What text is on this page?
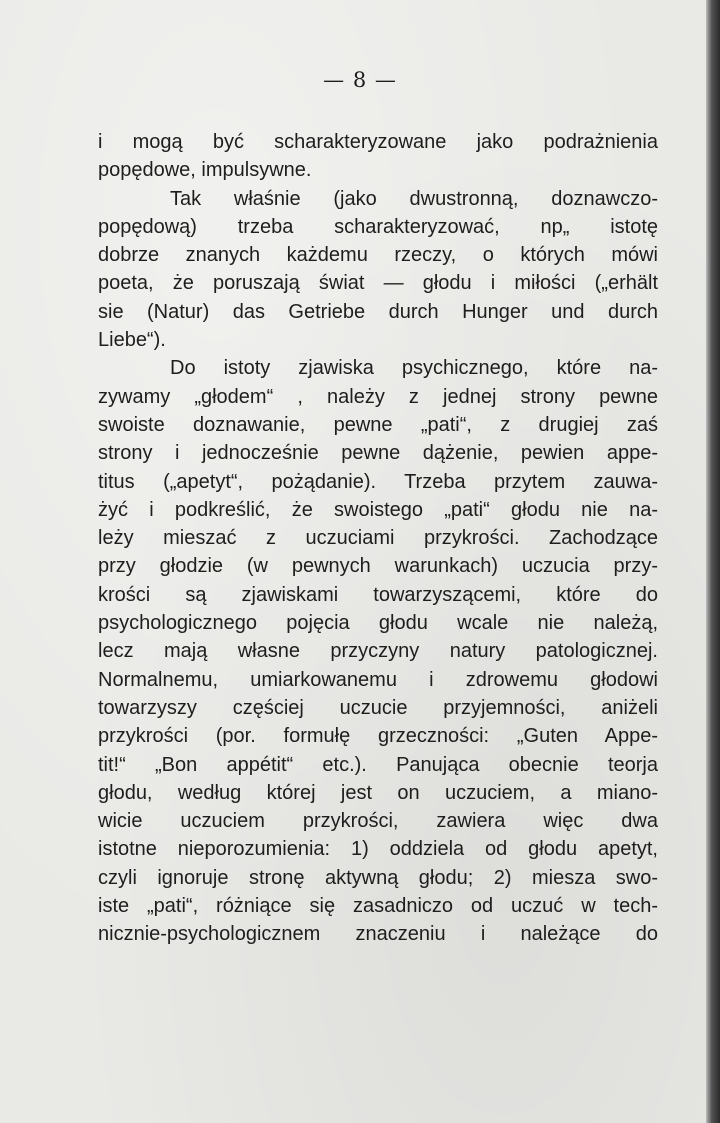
— 8 —
i mogą być scharakteryzowane jako podrażnienia
popędowe, impulsywne.
Tak właśnie (jako dwustronną, doznawczo-
popędową) trzeba scharakteryzować, np„ istotę
dobrze znanych każdemu rzeczy, o których mówi
poeta, że poruszają świat — głodu i miłości („erhält
sie (Natur) das Getriebe durch Hunger und durch
Liebe“).
Do istoty zjawiska psychicznego, które na-
zywamy „głodem“ , należy z jednej strony pewne
swoiste doznawanie, pewne „pati“, z drugiej zaś
strony i jednocześnie pewne dążenie, pewien appe-
titus („apetyt“, pożądanie). Trzeba przytem zauwa-
żyć i podkreślić, że swoistego „pati“ głodu nie na-
leży mieszać z uczuciami przykrości. Zachodzące
przy głodzie (w pewnych warunkach) uczucia przy-
krości są zjawiskami towarzyszącemi, które do
psychologicznego pojęcia głodu wcale nie należą,
lecz mają własne przyczyny natury patologicznej.
Normalnemu, umiarkowanemu i zdrowemu głodowi
towarzyszy częściej uczucie przyjemności, aniżeli
przykrości (por. formułę grzeczności: „Guten Appe-
tit!“ „Bon appétit“ etc.). Panująca obecnie teorja
głodu, według której jest on uczuciem, a miano-
wicie uczuciem przykrości, zawiera więc dwa
istotne nieporozumienia: 1) oddziela od głodu apetyt,
czyli ignoruje stronę aktywną głodu; 2) miesza swo-
iste „pati“, różniące się zasadniczo od uczuć w tech-
nicznie-psychologicznem znaczeniu i należące do
